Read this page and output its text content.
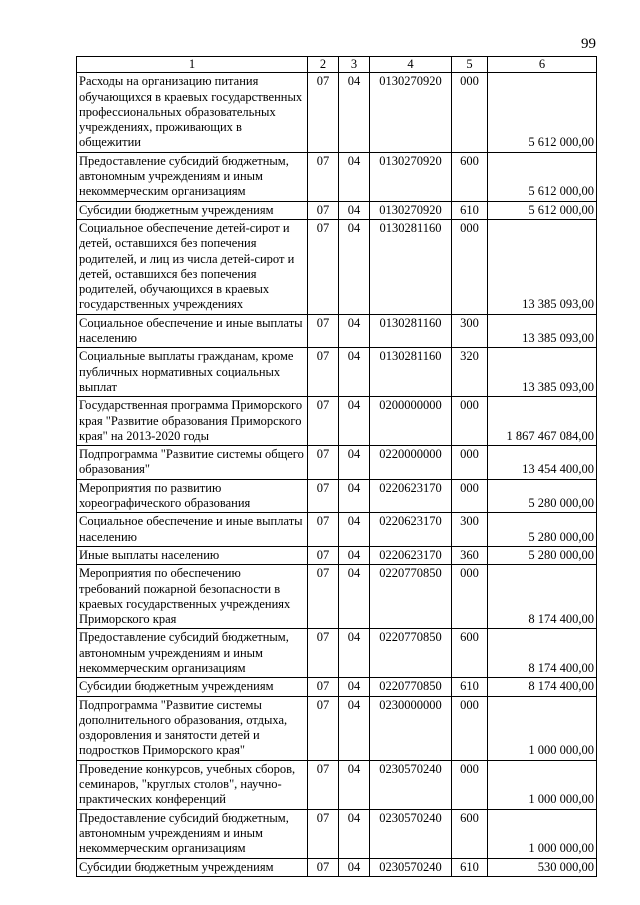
99
1	2	3	4	5	6
Расходы на организацию питания обучающихся в краевых государственных профессиональных образовательных учреждениях, проживающих в общежитии	07	04	0130270920	000	5 612 000,00
Предоставление субсидий бюджетным, автономным учреждениям и иным некоммерческим организациям	07	04	0130270920	600	5 612 000,00
Субсидии бюджетным учреждениям	07	04	0130270920	610	5 612 000,00
Социальное обеспечение детей-сирот и детей, оставшихся без попечения родителей, и лиц из числа детей-сирот и детей, оставшихся без попечения родителей, обучающихся в краевых государственных учреждениях	07	04	0130281160	000	13 385 093,00
Социальное обеспечение и иные выплаты населению	07	04	0130281160	300	13 385 093,00
Социальные выплаты гражданам, кроме публичных нормативных социальных выплат	07	04	0130281160	320	13 385 093,00
Государственная программа Приморского края "Развитие образования Приморского края" на 2013-2020 годы	07	04	0200000000	000	1 867 467 084,00
Подпрограмма "Развитие системы общего образования"	07	04	0220000000	000	13 454 400,00
Мероприятия по развитию хореографического образования	07	04	0220623170	000	5 280 000,00
Социальное обеспечение и иные выплаты населению	07	04	0220623170	300	5 280 000,00
Иные выплаты населению	07	04	0220623170	360	5 280 000,00
Мероприятия по обеспечению требований пожарной безопасности в краевых государственных учреждениях Приморского края	07	04	0220770850	000	8 174 400,00
Предоставление субсидий бюджетным, автономным учреждениям и иным некоммерческим организациям	07	04	0220770850	600	8 174 400,00
Субсидии бюджетным учреждениям	07	04	0220770850	610	8 174 400,00
Подпрограмма "Развитие системы дополнительного образования, отдыха, оздоровления и занятости детей и подростков Приморского края"	07	04	0230000000	000	1 000 000,00
Проведение конкурсов, учебных сборов, семинаров, "круглых столов", научно-практических конференций	07	04	0230570240	000	1 000 000,00
Предоставление субсидий бюджетным, автономным учреждениям и иным некоммерческим организациям	07	04	0230570240	600	1 000 000,00
Субсидии бюджетным учреждениям	07	04	0230570240	610	530 000,00
